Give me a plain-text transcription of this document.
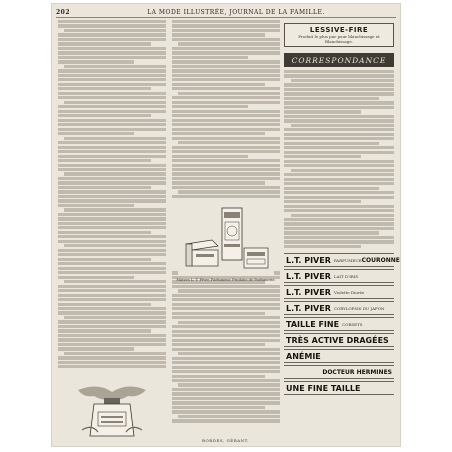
202	LA MODE ILLUSTRÉE, JOURNAL DE LA FAMILLE.
LESSIVE-FIRE
Produit le plus pur pour blanchissage et Blanchissage.
CORRESPONDANCE
L.T. PIVER PARFUMEUR COURONNE
L.T. PIVER LAIT D'IRIS
L.T. PIVER Violette Diorée
L.T. PIVER CORYLOPSIS DU JAPON
TAILLE FINE CORSETS
TRÈS ACTIVE DRAGÉES
ANÉMIE
DOCTEUR HERMINES
UNE FINE TAILLE
Maison L. T. Piver, Parfumeur, Produits de Parfumerie.
BORDES, GÉRANT.
